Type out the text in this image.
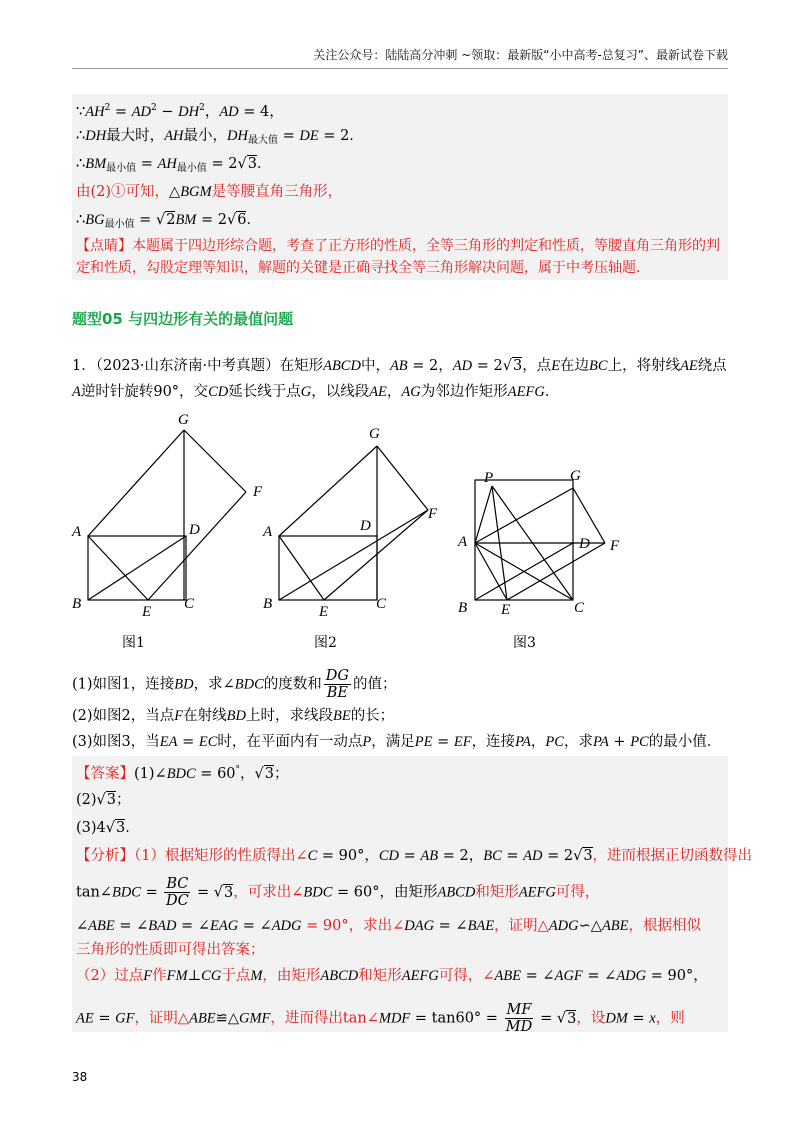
关注公众号：陆陆高分冲刺 ~领取：最新版“小中高考-总复习”、最新试卷下载
$\because AH^2 = AD^2 - DH^2$，AD = 4，
∴DH最大时，AH最小，$DH_{最大值}$ = DE = 2．
$\therefore BM_{最小值} = AH_{最小值} = 2√3$．
由(2)①可知，△BGM是等腰直角三角形，
$\therefore BG_{最小值} = √2BM = 2√6$．
【点睛】本题属于四边形综合题，考查了正方形的性质，全等三角形的判定和性质，等腰直角三角形的判
定和性质，勾股定理等知识，解题的关键是正确寻找全等三角形解决问题，属于中考压轴题．
题型05 与四边形有关的最值问题
1．（2023·山东济南·中考真题）在矩形ABCD中，AB = 2，AD = 2√3，点E在边BC上，将射线AE绕点
A逆时针旋转90°，交CD延长线于点G，以线段AE，AG为邻边作矩形AEFG．
G
F
A	D
B	E C
G
F
A	D
B	E	C
P	G
F
A	D
B E	C
图1	图2	图3
(1)如图1，连接BD，求∠BDC的度数和 $\frac{DG}{BE}$ 的值；
(2)如图2，当点F在射线BD上时，求线段BE的长；
(3)如图3，当EA = EC时，在平面内有一动点P，满足PE = EF，连接PA，PC，求PA + PC的最小值．
【答案】(1)∠BDC = 60°，√3；
(2)√3；
(3)4√3．
【分析】（1）根据矩形的性质得出∠C = 90°，CD = AB = 2，BC = AD = 2√3，进而根据正切函数得出
tan∠BDC = $\frac{BC}{DC} = √3$，可求出∠BDC = 60°，由矩形ABCD和矩形AEFG可得，
∠ABE = ∠BAD = ∠EAG = ∠ADG = 90°，求出∠DAG = ∠BAE，证明△ADG∽△ABE，根据相似
三角形的性质即可得出答案；
（2）过点F作FM⊥CG于点M，由矩形ABCD和矩形AEFG可得，∠ABE = ∠AGF = ∠ADG = 90°，
AE = GF，证明△ABE≌△GMF，进而得出tan∠MDF = $\tan 60^\circ = \frac{MF}{MD} = √3$，设DM = x，则
38
